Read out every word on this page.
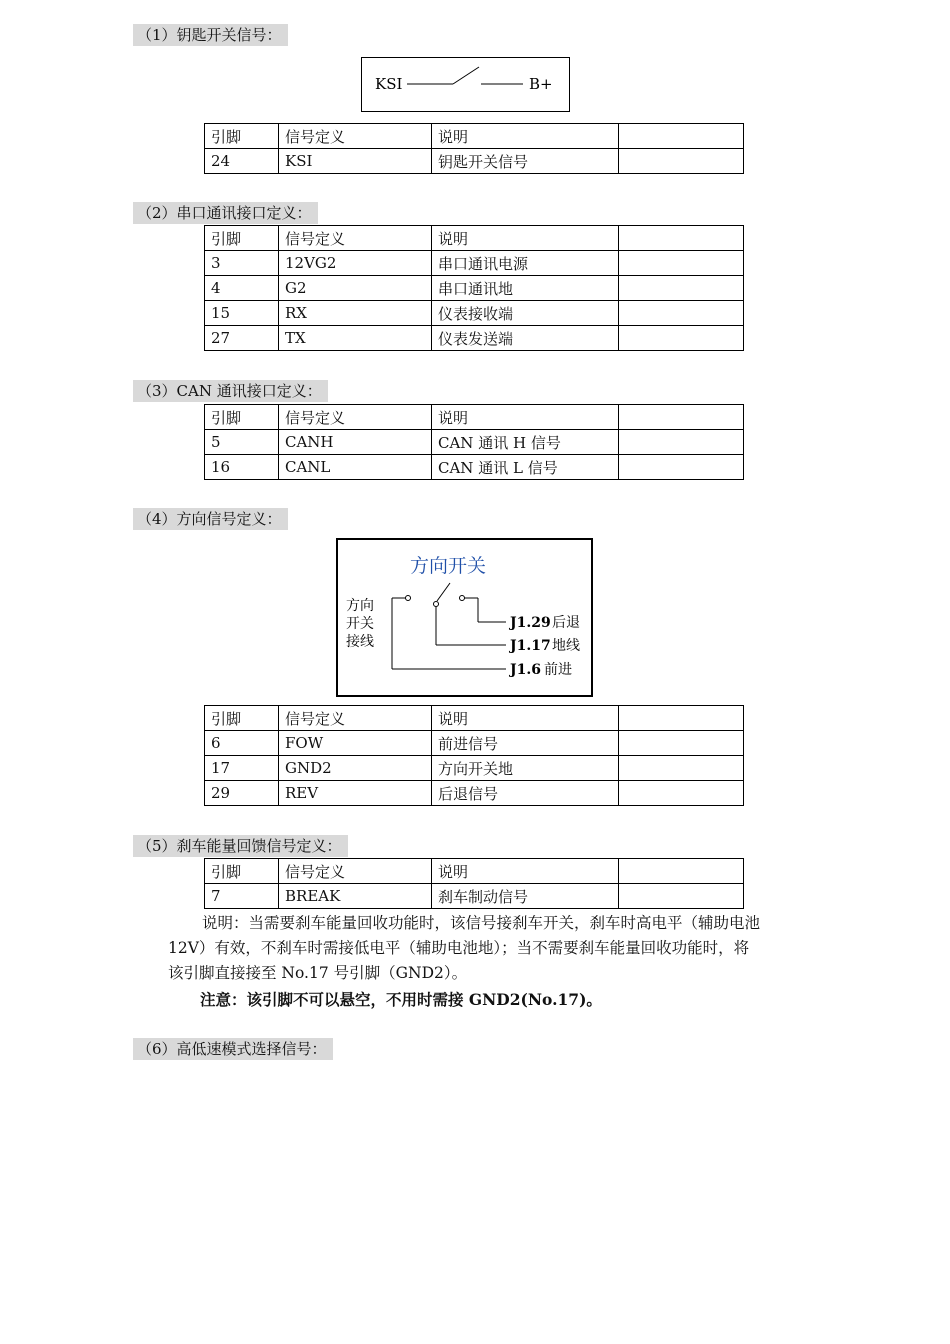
（1）钥匙开关信号：
KSI	B+
引脚	信号定义	说明	
24	KSI	钥匙开关信号	
（2）串口通讯接口定义：
引脚	信号定义	说明	
3	12VG2	串口通讯电源	
4	G2	串口通讯地	
15	RX	仪表接收端	
27	TX	仪表发送端	
（3）CAN 通讯接口定义：
引脚	信号定义	说明	
5	CANH	CAN 通讯 H 信号	
16	CANL	CAN 通讯 L 信号	
（4）方向信号定义：
方向开关
方向
开关
接线
J1.29 后退
J1.17 地线
J1.6 前进
引脚	信号定义	说明	
6	FOW	前进信号	
17	GND2	方向开关地	
29	REV	后退信号	
（5）刹车能量回馈信号定义：
引脚	信号定义	说明	
7	BREAK	刹车制动信号	
说明：当需要刹车能量回收功能时，该信号接刹车开关，刹车时高电平（辅助电池
12V）有效，不刹车时需接低电平（辅助电池地）；当不需要刹车能量回收功能时，将
该引脚直接接至 No.17 号引脚（GND2）。
注意：该引脚不可以悬空，不用时需接 GND2(No.17)。
（6）高低速模式选择信号：
